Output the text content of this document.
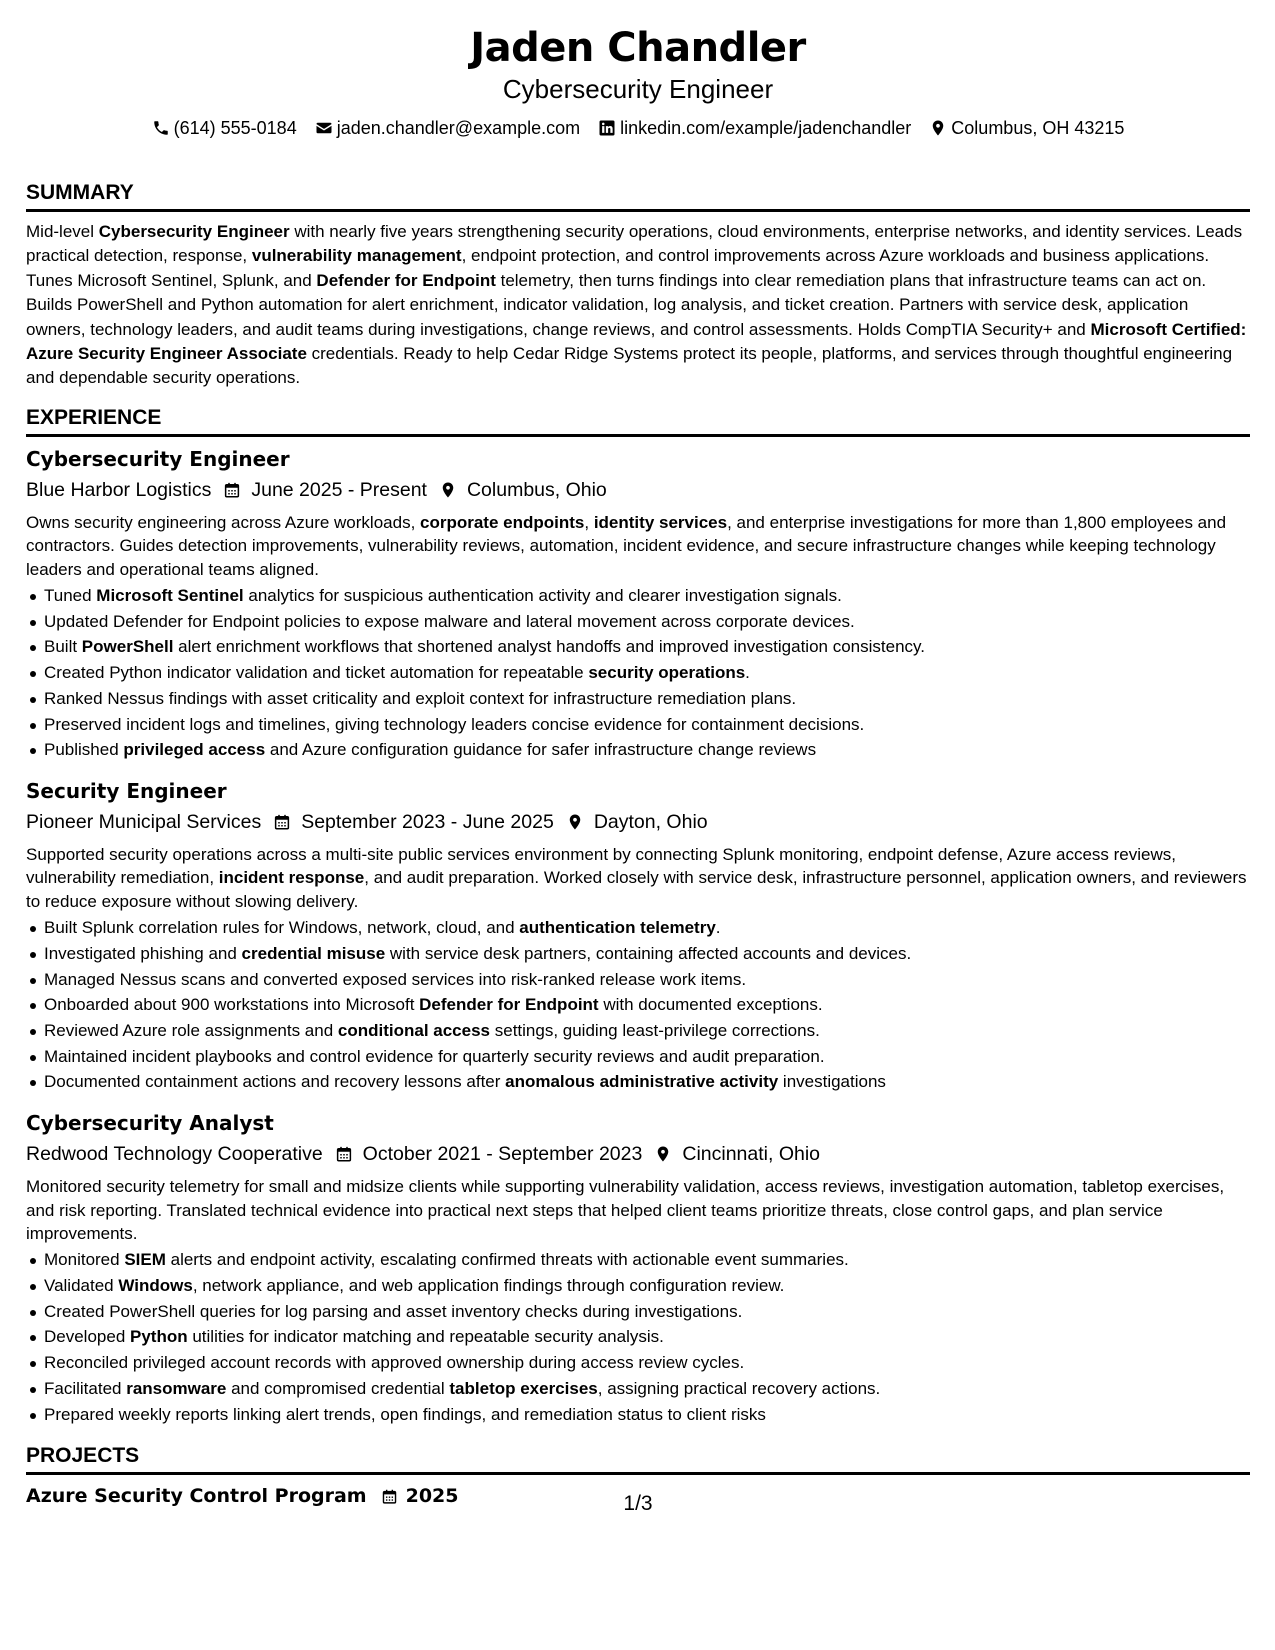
Jaden Chandler
Cybersecurity Engineer
(614) 555-0184 jaden.chandler@example.com linkedin.com/example/jadenchandler Columbus, OH 43215
SUMMARY

Mid-level Cybersecurity Engineer with nearly five years strengthening security operations, cloud environments, enterprise networks, and identity services. Leads practical detection, response, vulnerability management, endpoint protection, and control improvements across Azure workloads and business applications. Tunes Microsoft Sentinel, Splunk, and Defender for Endpoint telemetry, then turns findings into clear remediation plans that infrastructure teams can act on. Builds PowerShell and Python automation for alert enrichment, indicator validation, log analysis, and ticket creation. Partners with service desk, application owners, technology leaders, and audit teams during investigations, change reviews, and control assessments. Holds CompTIA Security+ and Microsoft Certified: Azure Security Engineer Associate credentials. Ready to help Cedar Ridge Systems protect its people, platforms, and services through thoughtful engineering and dependable security operations.

EXPERIENCE
Cybersecurity Engineer
Blue Harbor Logistics June 2025 - Present Columbus, Ohio

Owns security engineering across Azure workloads, corporate endpoints, identity services, and enterprise investigations for more than 1,800 employees and contractors. Guides detection improvements, vulnerability reviews, automation, incident evidence, and secure infrastructure changes while keeping technology leaders and operational teams aligned.

Tuned Microsoft Sentinel analytics for suspicious authentication activity and clearer investigation signals.
Updated Defender for Endpoint policies to expose malware and lateral movement across corporate devices.
Built PowerShell alert enrichment workflows that shortened analyst handoffs and improved investigation consistency.
Created Python indicator validation and ticket automation for repeatable security operations.
Ranked Nessus findings with asset criticality and exploit context for infrastructure remediation plans.
Preserved incident logs and timelines, giving technology leaders concise evidence for containment decisions.
Published privileged access and Azure configuration guidance for safer infrastructure change reviews
Security Engineer
Pioneer Municipal Services September 2023 - June 2025 Dayton, Ohio

Supported security operations across a multi-site public services environment by connecting Splunk monitoring, endpoint defense, Azure access reviews, vulnerability remediation, incident response, and audit preparation. Worked closely with service desk, infrastructure personnel, application owners, and reviewers to reduce exposure without slowing delivery.

Built Splunk correlation rules for Windows, network, cloud, and authentication telemetry.
Investigated phishing and credential misuse with service desk partners, containing affected accounts and devices.
Managed Nessus scans and converted exposed services into risk-ranked release work items.
Onboarded about 900 workstations into Microsoft Defender for Endpoint with documented exceptions.
Reviewed Azure role assignments and conditional access settings, guiding least-privilege corrections.
Maintained incident playbooks and control evidence for quarterly security reviews and audit preparation.
Documented containment actions and recovery lessons after anomalous administrative activity investigations
Cybersecurity Analyst
Redwood Technology Cooperative October 2021 - September 2023 Cincinnati, Ohio

Monitored security telemetry for small and midsize clients while supporting vulnerability validation, access reviews, investigation automation, tabletop exercises, and risk reporting. Translated technical evidence into practical next steps that helped client teams prioritize threats, close control gaps, and plan service improvements.

Monitored SIEM alerts and endpoint activity, escalating confirmed threats with actionable event summaries.
Validated Windows, network appliance, and web application findings through configuration review.
Created PowerShell queries for log parsing and asset inventory checks during investigations.
Developed Python utilities for indicator matching and repeatable security analysis.
Reconciled privileged account records with approved ownership during access review cycles.
Facilitated ransomware and compromised credential tabletop exercises, assigning practical recovery actions.
Prepared weekly reports linking alert trends, open findings, and remediation status to client risks
PROJECTS
Azure Security Control Program 2025	1/3
